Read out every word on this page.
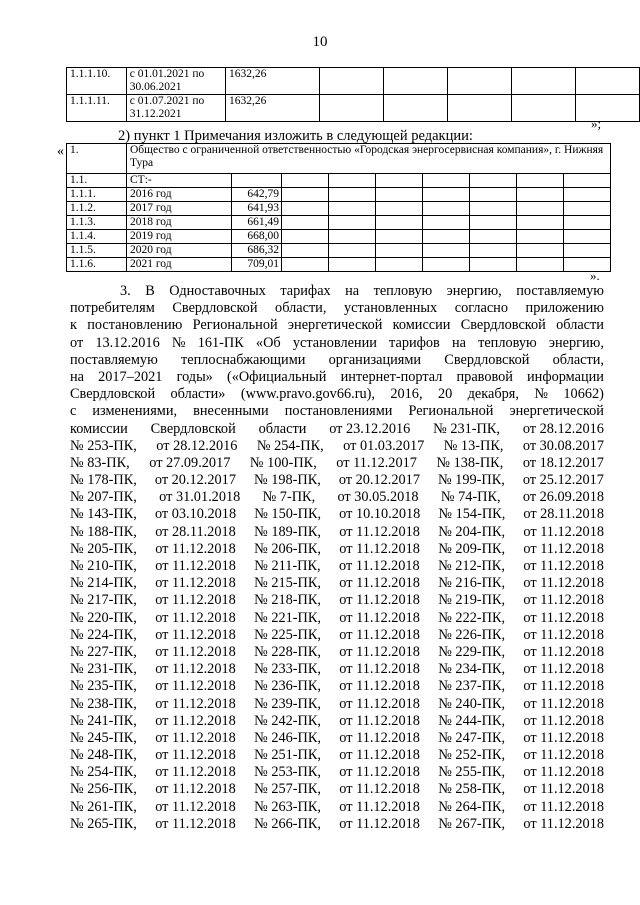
10
1.1.1.10.	с 01.01.2021 по 30.06.2021	1632,26					
1.1.1.11.	с 01.07.2021 по 31.12.2021	1632,26					
»;
2) пункт 1 Примечания изложить в следующей редакции:
« 1.	Общество с ограниченной ответственностью «Городская энергосервисная компания», г. Нижняя Тура								
1.1.	СТ:-								
1.1.1.	2016 год	642,79							
1.1.2.	2017 год	641,93							
1.1.3.	2018 год	661,49							
1.1.4.	2019 год	668,00							
1.1.5.	2020 год	686,32							
1.1.6.	2021 год	709,01							
».
3. В Одноставочных тарифах на тепловую энергию, поставляемую
потребителям Свердловской области, установленных согласно приложению
к постановлению Региональной энергетической комиссии Свердловской области
от 13.12.2016 № 161-ПК «Об установлении тарифов на тепловую энергию,
поставляемую теплоснабжающими организациями Свердловской области,
на 2017–2021 годы» («Официальный интернет-портал правовой информации
Свердловской области» (www.pravo.gov66.ru), 2016, 20 декабря, № 10662)
с изменениями, внесенными постановлениями Региональной энергетической
комиссии Свердловской области от 23.12.2016 № 231-ПК, от 28.12.2016
№ 253-ПК, от 28.12.2016 № 254-ПК, от 01.03.2017 № 13-ПК, от 30.08.2017
№ 83-ПК, от 27.09.2017 № 100-ПК, от 11.12.2017 № 138-ПК, от 18.12.2017
№ 178-ПК, от 20.12.2017 № 198-ПК, от 20.12.2017 № 199-ПК, от 25.12.2017
№ 207-ПК, от 31.01.2018 № 7-ПК, от 30.05.2018 № 74-ПК, от 26.09.2018
№ 143-ПК, от 03.10.2018 № 150-ПК, от 10.10.2018 № 154-ПК, от 28.11.2018
№ 188-ПК, от 28.11.2018 № 189-ПК, от 11.12.2018 № 204-ПК, от 11.12.2018
№ 205-ПК, от 11.12.2018 № 206-ПК, от 11.12.2018 № 209-ПК, от 11.12.2018
№ 210-ПК, от 11.12.2018 № 211-ПК, от 11.12.2018 № 212-ПК, от 11.12.2018
№ 214-ПК, от 11.12.2018 № 215-ПК, от 11.12.2018 № 216-ПК, от 11.12.2018
№ 217-ПК, от 11.12.2018 № 218-ПК, от 11.12.2018 № 219-ПК, от 11.12.2018
№ 220-ПК, от 11.12.2018 № 221-ПК, от 11.12.2018 № 222-ПК, от 11.12.2018
№ 224-ПК, от 11.12.2018 № 225-ПК, от 11.12.2018 № 226-ПК, от 11.12.2018
№ 227-ПК, от 11.12.2018 № 228-ПК, от 11.12.2018 № 229-ПК, от 11.12.2018
№ 231-ПК, от 11.12.2018 № 233-ПК, от 11.12.2018 № 234-ПК, от 11.12.2018
№ 235-ПК, от 11.12.2018 № 236-ПК, от 11.12.2018 № 237-ПК, от 11.12.2018
№ 238-ПК, от 11.12.2018 № 239-ПК, от 11.12.2018 № 240-ПК, от 11.12.2018
№ 241-ПК, от 11.12.2018 № 242-ПК, от 11.12.2018 № 244-ПК, от 11.12.2018
№ 245-ПК, от 11.12.2018 № 246-ПК, от 11.12.2018 № 247-ПК, от 11.12.2018
№ 248-ПК, от 11.12.2018 № 251-ПК, от 11.12.2018 № 252-ПК, от 11.12.2018
№ 254-ПК, от 11.12.2018 № 253-ПК, от 11.12.2018 № 255-ПК, от 11.12.2018
№ 256-ПК, от 11.12.2018 № 257-ПК, от 11.12.2018 № 258-ПК, от 11.12.2018
№ 261-ПК, от 11.12.2018 № 263-ПК, от 11.12.2018 № 264-ПК, от 11.12.2018
№ 265-ПК, от 11.12.2018 № 266-ПК, от 11.12.2018 № 267-ПК, от 11.12.2018
